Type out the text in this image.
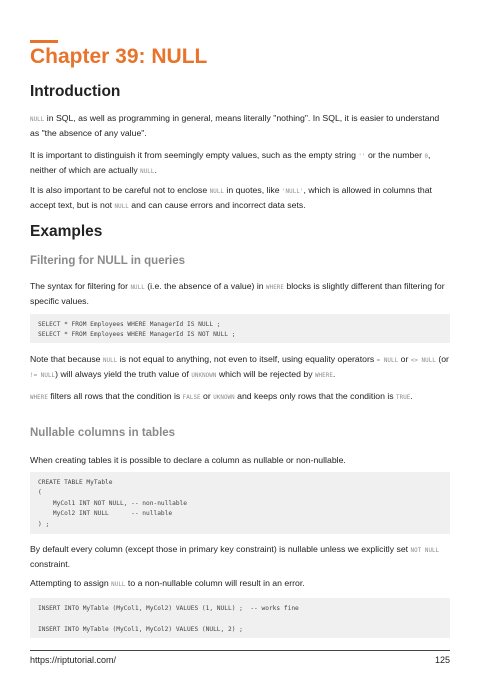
Chapter 39: NULL
Introduction
NULL in SQL, as well as programming in general, means literally "nothing". In SQL, it is easier to understand as "the absence of any value".
It is important to distinguish it from seemingly empty values, such as the empty string '' or the number 0, neither of which are actually NULL.
It is also important to be careful not to enclose NULL in quotes, like 'NULL', which is allowed in columns that accept text, but is not NULL and can cause errors and incorrect data sets.
Examples
Filtering for NULL in queries
The syntax for filtering for NULL (i.e. the absence of a value) in WHERE blocks is slightly different than filtering for specific values.
SELECT * FROM Employees WHERE ManagerId IS NULL ;
SELECT * FROM Employees WHERE ManagerId IS NOT NULL ;
Note that because NULL is not equal to anything, not even to itself, using equality operators = NULL or <> NULL (or != NULL) will always yield the truth value of UNKNOWN which will be rejected by WHERE.
WHERE filters all rows that the condition is FALSE or UKNOWN and keeps only rows that the condition is TRUE.
Nullable columns in tables
When creating tables it is possible to declare a column as nullable or non-nullable.
CREATE TABLE MyTable
(
MyCol1 INT NOT NULL, -- non-nullable
MyCol2 INT NULL      -- nullable
) ;
By default every column (except those in primary key constraint) is nullable unless we explicitly set NOT NULL constraint.
Attempting to assign NULL to a non-nullable column will result in an error.
INSERT INTO MyTable (MyCol1, MyCol2) VALUES (1, NULL) ;  -- works fine
INSERT INTO MyTable (MyCol1, MyCol2) VALUES (NULL, 2) ;
https://riptutorial.com/	125
